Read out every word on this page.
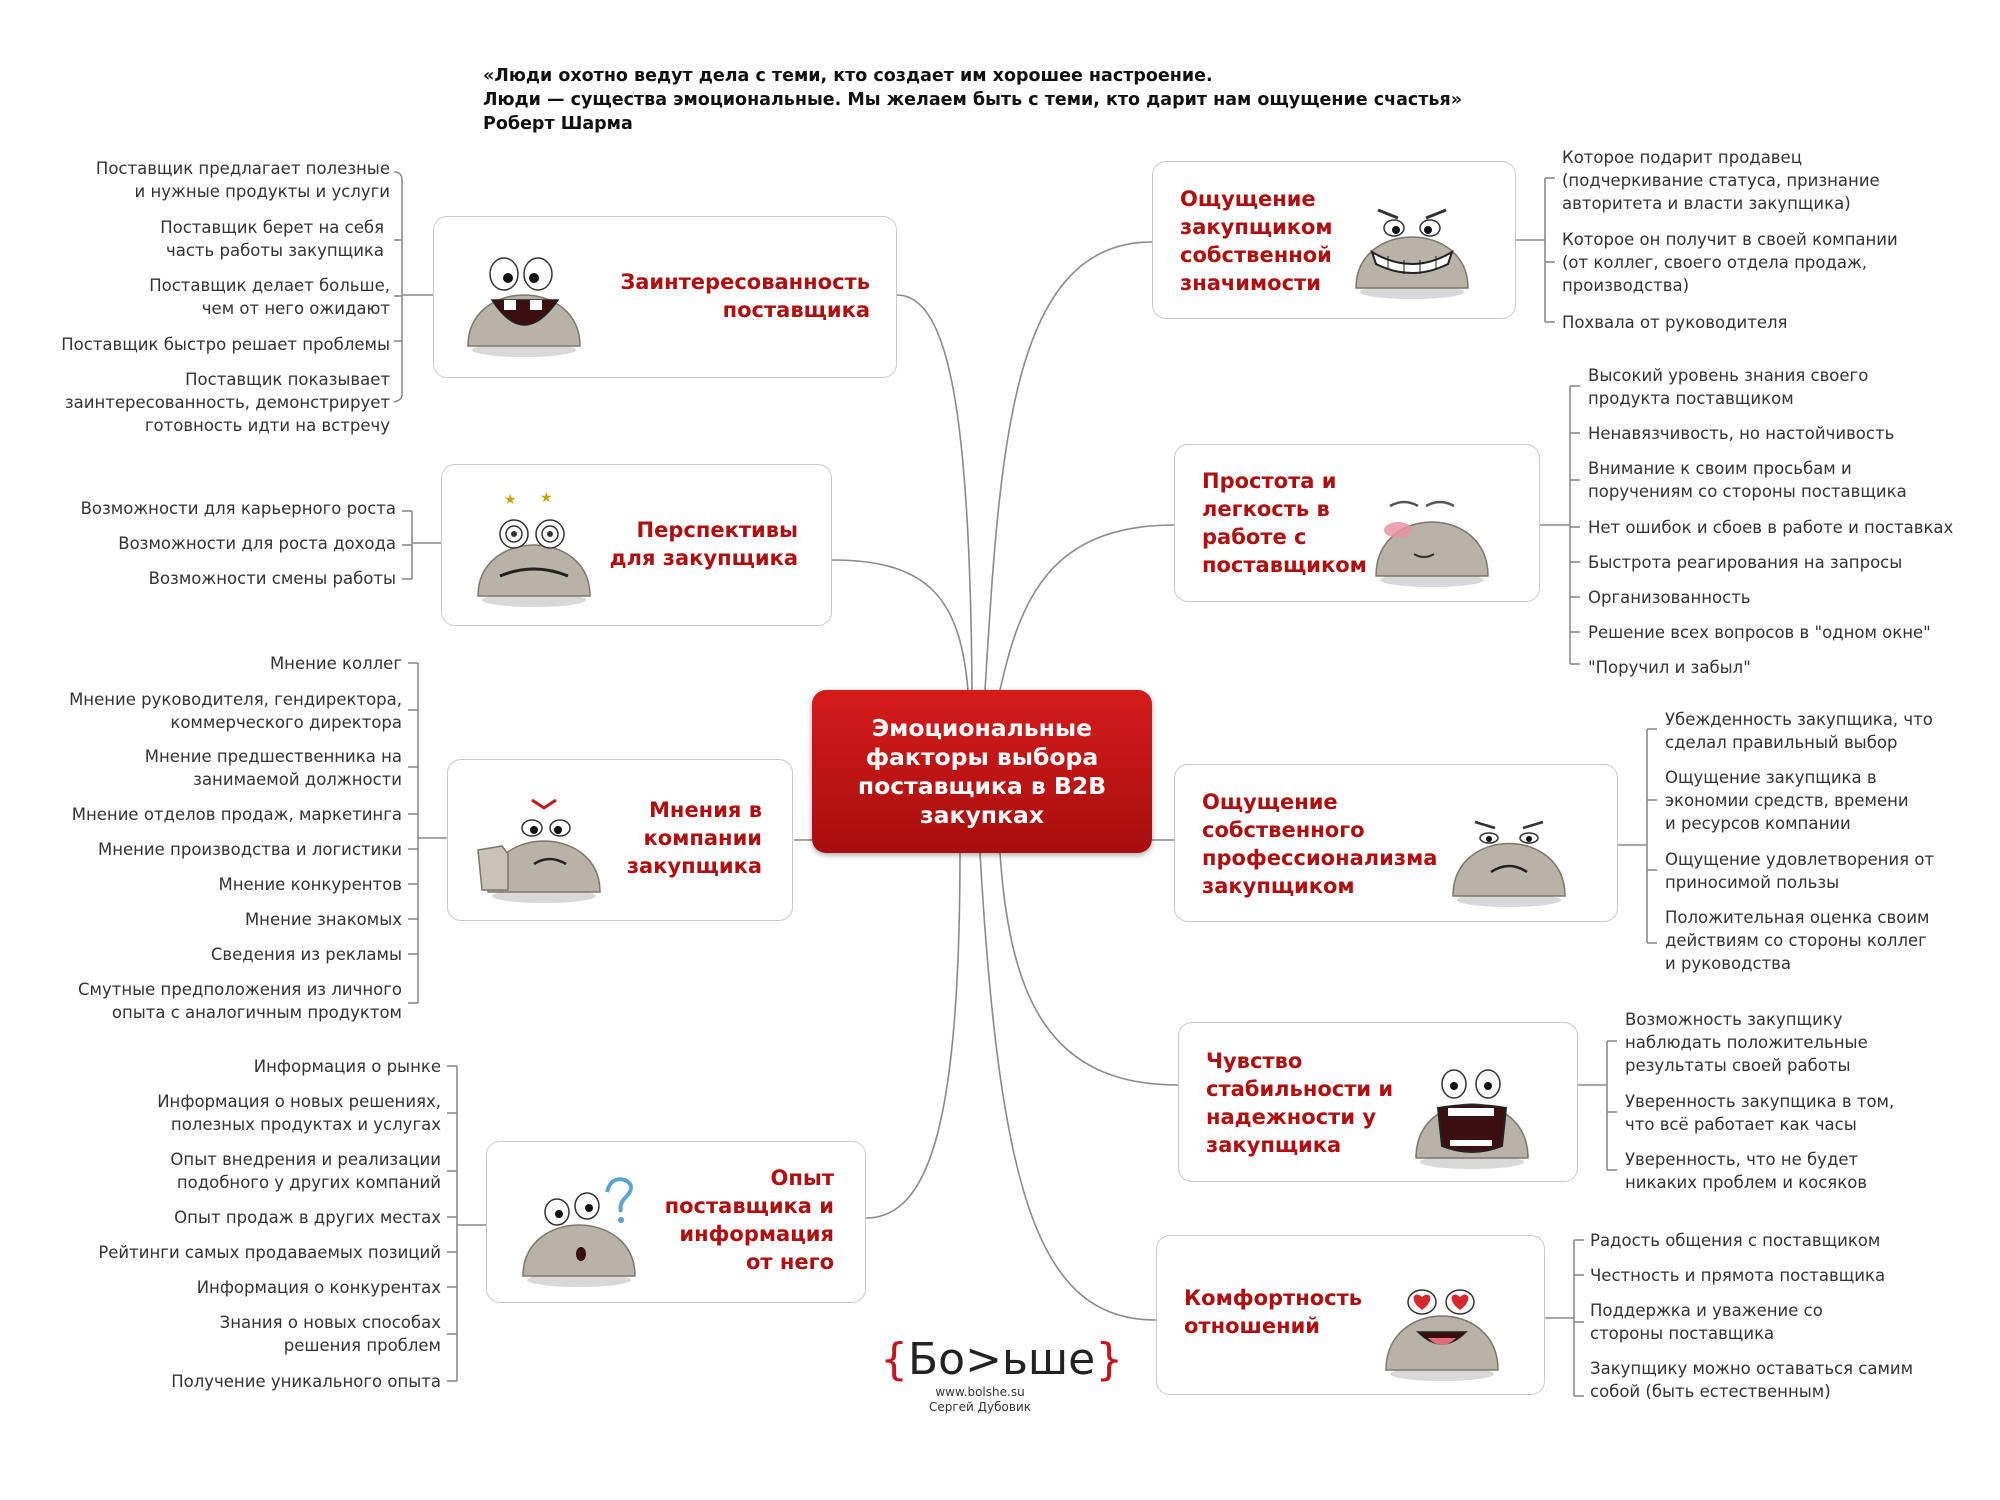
«Люди охотно ведут дела с теми, кто создает им хорошее настроение.
Люди — существа эмоциональные. Мы желаем быть с теми, кто дарит нам ощущение счастья»
Роберт Шарма
Эмоциональные
факторы выбора
поставщика в B2B
закупках
Заинтересованность
поставщика
Поставщик предлагает полезные
и нужные продукты и услуги
Поставщик берет на себя
часть работы закупщика
Поставщик делает больше,
чем от него ожидают
Поставщик быстро решает проблемы
Поставщик показывает
заинтересованность, демонстрирует
готовность идти на встречу
★ ★
Перспективы
для закупщика
Возможности для карьерного роста
Возможности для роста дохода
Возможности смены работы
Мнения в
компании
закупщика
Мнение коллег
Мнение руководителя, гендиректора,
коммерческого директора
Мнение предшественника на
занимаемой должности
Мнение отделов продаж, маркетинга
Мнение производства и логистики
Мнение конкурентов
Мнение знакомых
Сведения из рекламы
Смутные предположения из личного
опыта с аналогичным продуктом
Опыт
поставщика и
информация
от него
Информация о рынке
Информация о новых решениях,
полезных продуктах и услугах
Опыт внедрения и реализации
подобного у других компаний
Опыт продаж в других местах
Рейтинги самых продаваемых позиций
Информация о конкурентах
Знания о новых способах
решения проблем
Получение уникального опыта
Ощущение
закупщиком
собственной
значимости
Которое подарит продавец
(подчеркивание статуса, признание
авторитета и власти закупщика)
Которое он получит в своей компании
(от коллег, своего отдела продаж,
производства)
Похвала от руководителя
Простота и
легкость в
работе с
поставщиком
Высокий уровень знания своего
продукта поставщиком
Ненавязчивость, но настойчивость
Внимание к своим просьбам и
поручениям со стороны поставщика
Нет ошибок и сбоев в работе и поставках
Быстрота реагирования на запросы
Организованность
Решение всех вопросов в "одном окне"
"Поручил и забыл"
Ощущение
собственного
профессионализма
закупщиком
Убежденность закупщика, что
сделал правильный выбор
Ощущение закупщика в
экономии средств, времени
и ресурсов компании
Ощущение удовлетворения от
приносимой пользы
Положительная оценка своим
действиям со стороны коллег
и руководства
Чувство
стабильности и
надежности у
закупщика
Возможность закупщику
наблюдать положительные
результаты своей работы
Уверенность закупщика в том,
что всё работает как часы
Уверенность, что не будет
никаких проблем и косяков
Комфортность
отношений
Радость общения с поставщиком
Честность и прямота поставщика
Поддержка и уважение со
стороны поставщика
Закупщику можно оставаться самим
собой (быть естественным)
{Бо>ьше}
www.bolshe.su
Сергей Дубовик
